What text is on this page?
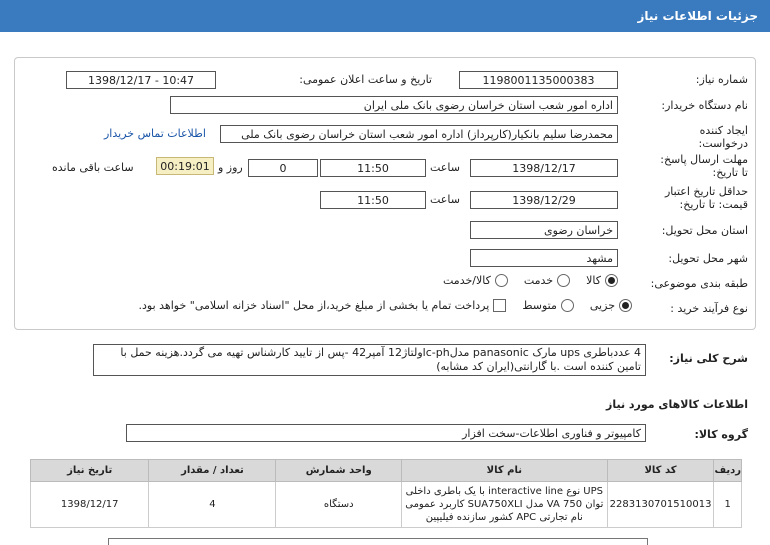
جزئیات اطلاعات نیاز
شماره نیاز:
1198001135000383
تاریخ و ساعت اعلان عمومی:
1398/12/17 - 10:47
نام دستگاه خریدار:
اداره امور شعب استان خراسان رضوی بانک ملی ایران
ایجاد کننده درخواست:
محمدرضا سلیم بانکیار(کارپرداز) اداره امور شعب استان خراسان رضوی بانک ملی
اطلاعات تماس خریدار
مهلت ارسال پاسخ: تا تاریخ:
1398/12/17
ساعت
11:50
0
روز و
00:19:01
ساعت باقی مانده
حداقل تاریخ اعتبار قیمت: تا تاریخ:
1398/12/29
ساعت
11:50
استان محل تحویل:
خراسان رضوی
شهر محل تحویل:
مشهد
طبقه بندی موضوعی:
کالا
خدمت
کالا/خدمت
نوع فرآیند خرید :
جزیی
متوسط
پرداخت تمام یا بخشی از مبلغ خرید،از محل "اسناد خزانه اسلامی" خواهد بود.
شرح کلی نیاز:
4 عددباطری ups مارک panasonic مدلlc-phولتاژ12 آمپر42 -پس از تایید کارشناس تهیه می گردد.هزینه حمل با تامین کننده است .با گارانتی(ایران کد مشابه)
اطلاعات کالاهای مورد نیاز
گروه کالا:
کامپیوتر و فناوری اطلاعات-سخت افزار
ردیف	کد کالا	نام کالا	واحد شمارش	تعداد / مقدار	تاریخ نیاز
1	2283130701510013	UPS نوع interactive line با یک باطری داخلی توان 750 VA مدل SUA750XLI کاربرد عمومی نام تجارتی APC کشور سازنده فیلیپین	دستگاه	4	1398/12/17
